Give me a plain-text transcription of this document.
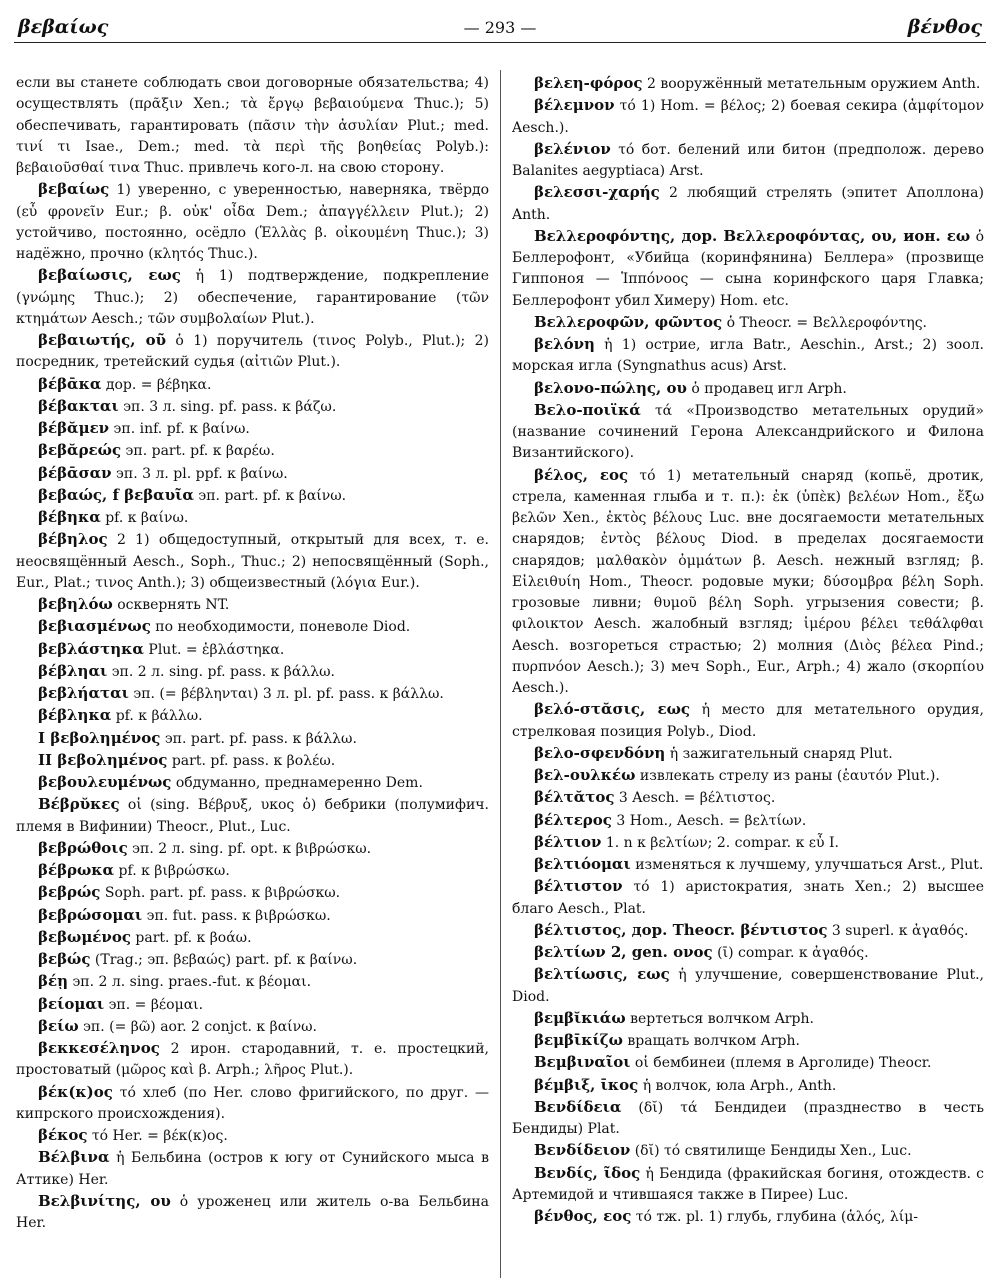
βεβαίως	— 293 —	βένθος

если вы станете соблюдать свои договорные обязательства; 4) осуществлять (πρᾶξιν Xen.; τὰ ἔργῳ βεβαιούμενα Thuc.); 5) обеспечивать, гарантировать (πᾶσιν τὴν ἀσυλίαν Plut.; med. τινί τι Isae., Dem.; med. τὰ περὶ τῆς βοηθείας Polyb.): βεβαιοῦσθαί τινα Thuc. привлечь кого-л. на свою сторону.

βεβαίως 1) уверенно, с уверенностью, наверняка, твёрдо (εὖ φρονεῖν Eur.; β. οὐκ' οἶδα Dem.; ἀπαγγέλλειν Plut.); 2) устойчиво, постоянно, осёдло (Ἑλλὰς β. οἰκουμένη Thuc.); 3) надёжно, прочно (κλητός Thuc.).

βεβαίωσις, εως ἡ 1) подтверждение, подкрепление (γνώμης Thuc.); 2) обеспечение, гарантирование (τῶν κτημάτων Aesch.; τῶν συμβολαίων Plut.).

βεβαιωτής, οῦ ὁ 1) поручитель (τινος Polyb., Plut.); 2) посредник, третейский судья (αἰτιῶν Plut.).

βέβᾱκα дор. = βέβηκα.

βέβακται эп. 3 л. sing. pf. pass. к βάζω.

βέβᾰμεν эп. inf. pf. к βαίνω.

βεβᾰρεώς эп. part. pf. к βαρέω.

βέβᾱσαν эп. 3 л. pl. ppf. к βαίνω.

βεβαώς, f βεβαυῖα эп. part. pf. к βαίνω.

βέβηκα pf. к βαίνω.

βέβηλος 2 1) общедоступный, открытый для всех, т. е. неосвящённый Aesch., Soph., Thuc.; 2) непосвящённый (Soph., Eur., Plat.; τινος Anth.); 3) общеизвестный (λόγια Eur.).

βεβηλόω осквернять NT.

βεβιασμένως по необходимости, поневоле Diod.

βεβλάστηκα Plut. = ἐβλάστηκα.

βέβληαι эп. 2 л. sing. pf. pass. к βάλλω.

βεβλήαται эп. (= βέβληνται) 3 л. pl. pf. pass. к βάλλω.

βέβληκα pf. к βάλλω.

I βεβολημένος эп. part. pf. pass. к βάλλω.

II βεβολημένος part. pf. pass. к βολέω.

βεβουλευμένως обдуманно, преднамеренно Dem.

Βέβρῠκες οἱ (sing. Βέβρυξ, υκος ὁ) бебрики (полумифич. племя в Вифинии) Theocr., Plut., Luc.

βεβρώθοις эп. 2 л. sing. pf. opt. к βιβρώσκω.

βέβρωκα pf. к βιβρώσκω.

βεβρώς Soph. part. pf. pass. к βιβρώσκω.

βεβρώσομαι эп. fut. pass. к βιβρώσκω.

βεβωμένος part. pf. к βοάω.

βεβώς (Trag.; эп. βεβαώς) part. pf. к βαίνω.

βέῃ эп. 2 л. sing. praes.-fut. к βέομαι.

βείομαι эп. = βέομαι.

βείω эп. (= βῶ) aor. 2 conjct. к βαίνω.

βεκκεσέληνος 2 ирон. стародавний, т. е. простецкий, простоватый (μῶρος καὶ β. Arph.; λῆρος Plut.).

βέκ(κ)ος τό хлеб (по Her. слово фригийского, по друг. — кипрского происхождения).

βέκος τό Her. = βέκ(κ)ος.

Βέλβινα ἡ Бельбина (остров к югу от Сунийского мыса в Аттике) Her.

Βελβινίτης, ου ὁ уроженец или житель о-ва Бельбина Her.

βελεη-φόρος 2 вооружённый метательным оружием Anth.

βέλεμνον τό 1) Hom. = βέλος; 2) боевая секира (ἀμφίτομον Aesch.).

βελένιον τό бот. белений или битон (предполож. дерево Balanites aegyptiaca) Arst.

βελεσσι-χαρής 2 любящий стрелять (эпитет Аполлона) Anth.

Βελλεροφόντης, дор. Βελλεροφόντας, ου, ион. εω ὁ Беллерофонт, «Убийца (коринфянина) Беллера» (прозвище Гиппоноя — Ἱππόνοος — сына коринфского царя Главка; Беллерофонт убил Химеру) Hom. etc.

Βελλεροφῶν, φῶντος ὁ Theocr. = Βελλεροφόντης.

βελόνη ἡ 1) острие, игла Batr., Aeschin., Arst.; 2) зоол. морская игла (Syngnathus acus) Arst.

βελονο-πώλης, ου ὁ продавец игл Arph.

Βελο-ποιϊκά τά «Производство метательных орудий» (название сочинений Герона Александрийского и Филона Византийского).

βέλος, εος τό 1) метательный снаряд (копьё, дротик, стрела, каменная глыба и т. п.): ἐκ (ὑπὲκ) βελέων Hom., ἔξω βελῶν Xen., ἐκτὸς βέλους Luc. вне досягаемости метательных снарядов; ἐντὸς βέλους Diod. в пределах досягаемости снарядов; μαλθακὸν ὀμμάτων β. Aesch. нежный взгляд; β. Εἰλειθυίη Hom., Theocr. родовые муки; δύσομβρα βέλη Soph. грозовые ливни; θυμοῦ βέλη Soph. угрызения совести; β. φιλοικτον Aesch. жалобный взгляд; ἱμέρου βέλει τεθάλφθαι Aesch. возгореться страстью; 2) молния (Διὸς βέλεα Pind.; πυρπνόον Aesch.); 3) меч Soph., Eur., Arph.; 4) жало (σκορπίου Aesch.).

βελό-στᾰσις, εως ἡ место для метательного орудия, стрелковая позиция Polyb., Diod.

βελο-σφενδόνη ἡ зажигательный снаряд Plut.

βελ-ουλκέω извлекать стрелу из раны (ἑαυτόν Plut.).

βέλτᾰτος 3 Aesch. = βέλτιστος.

βέλτερος 3 Hom., Aesch. = βελτίων.

βέλτιον 1. n к βελτίων; 2. compar. к εὖ I.

βελτιόομαι изменяться к лучшему, улучшаться Arst., Plut.

βέλτιστον τό 1) аристократия, знать Xen.; 2) высшее благо Aesch., Plat.

βέλτιστος, дор. Theocr. βέντιστος 3 superl. к ἀγαθός.

βελτίων 2, gen. ονος (ῑ) compar. к ἀγαθός.

βελτίωσις, εως ἡ улучшение, совершенствование Plut., Diod.

βεμβῐκιάω вертеться волчком Arph.

βεμβῑκίζω вращать волчком Arph.

Βεμβιναῖοι οἱ бембинеи (племя в Арголиде) Theocr.

βέμβιξ, ῑκος ἡ волчок, юла Arph., Anth.

Βενδίδεια (δῐ) τά Бендидеи (празднество в честь Бендиды) Plat.

Βενδίδειον (δῐ) τό святилище Бендиды Xen., Luc.

Βενδίς, ῖδος ἡ Бендида (фракийская богиня, отождеств. с Артемидой и чтившаяся также в Пирее) Luc.

βένθος, εος τό тж. pl. 1) глубь, глубина (ἁλός, λίμ-
